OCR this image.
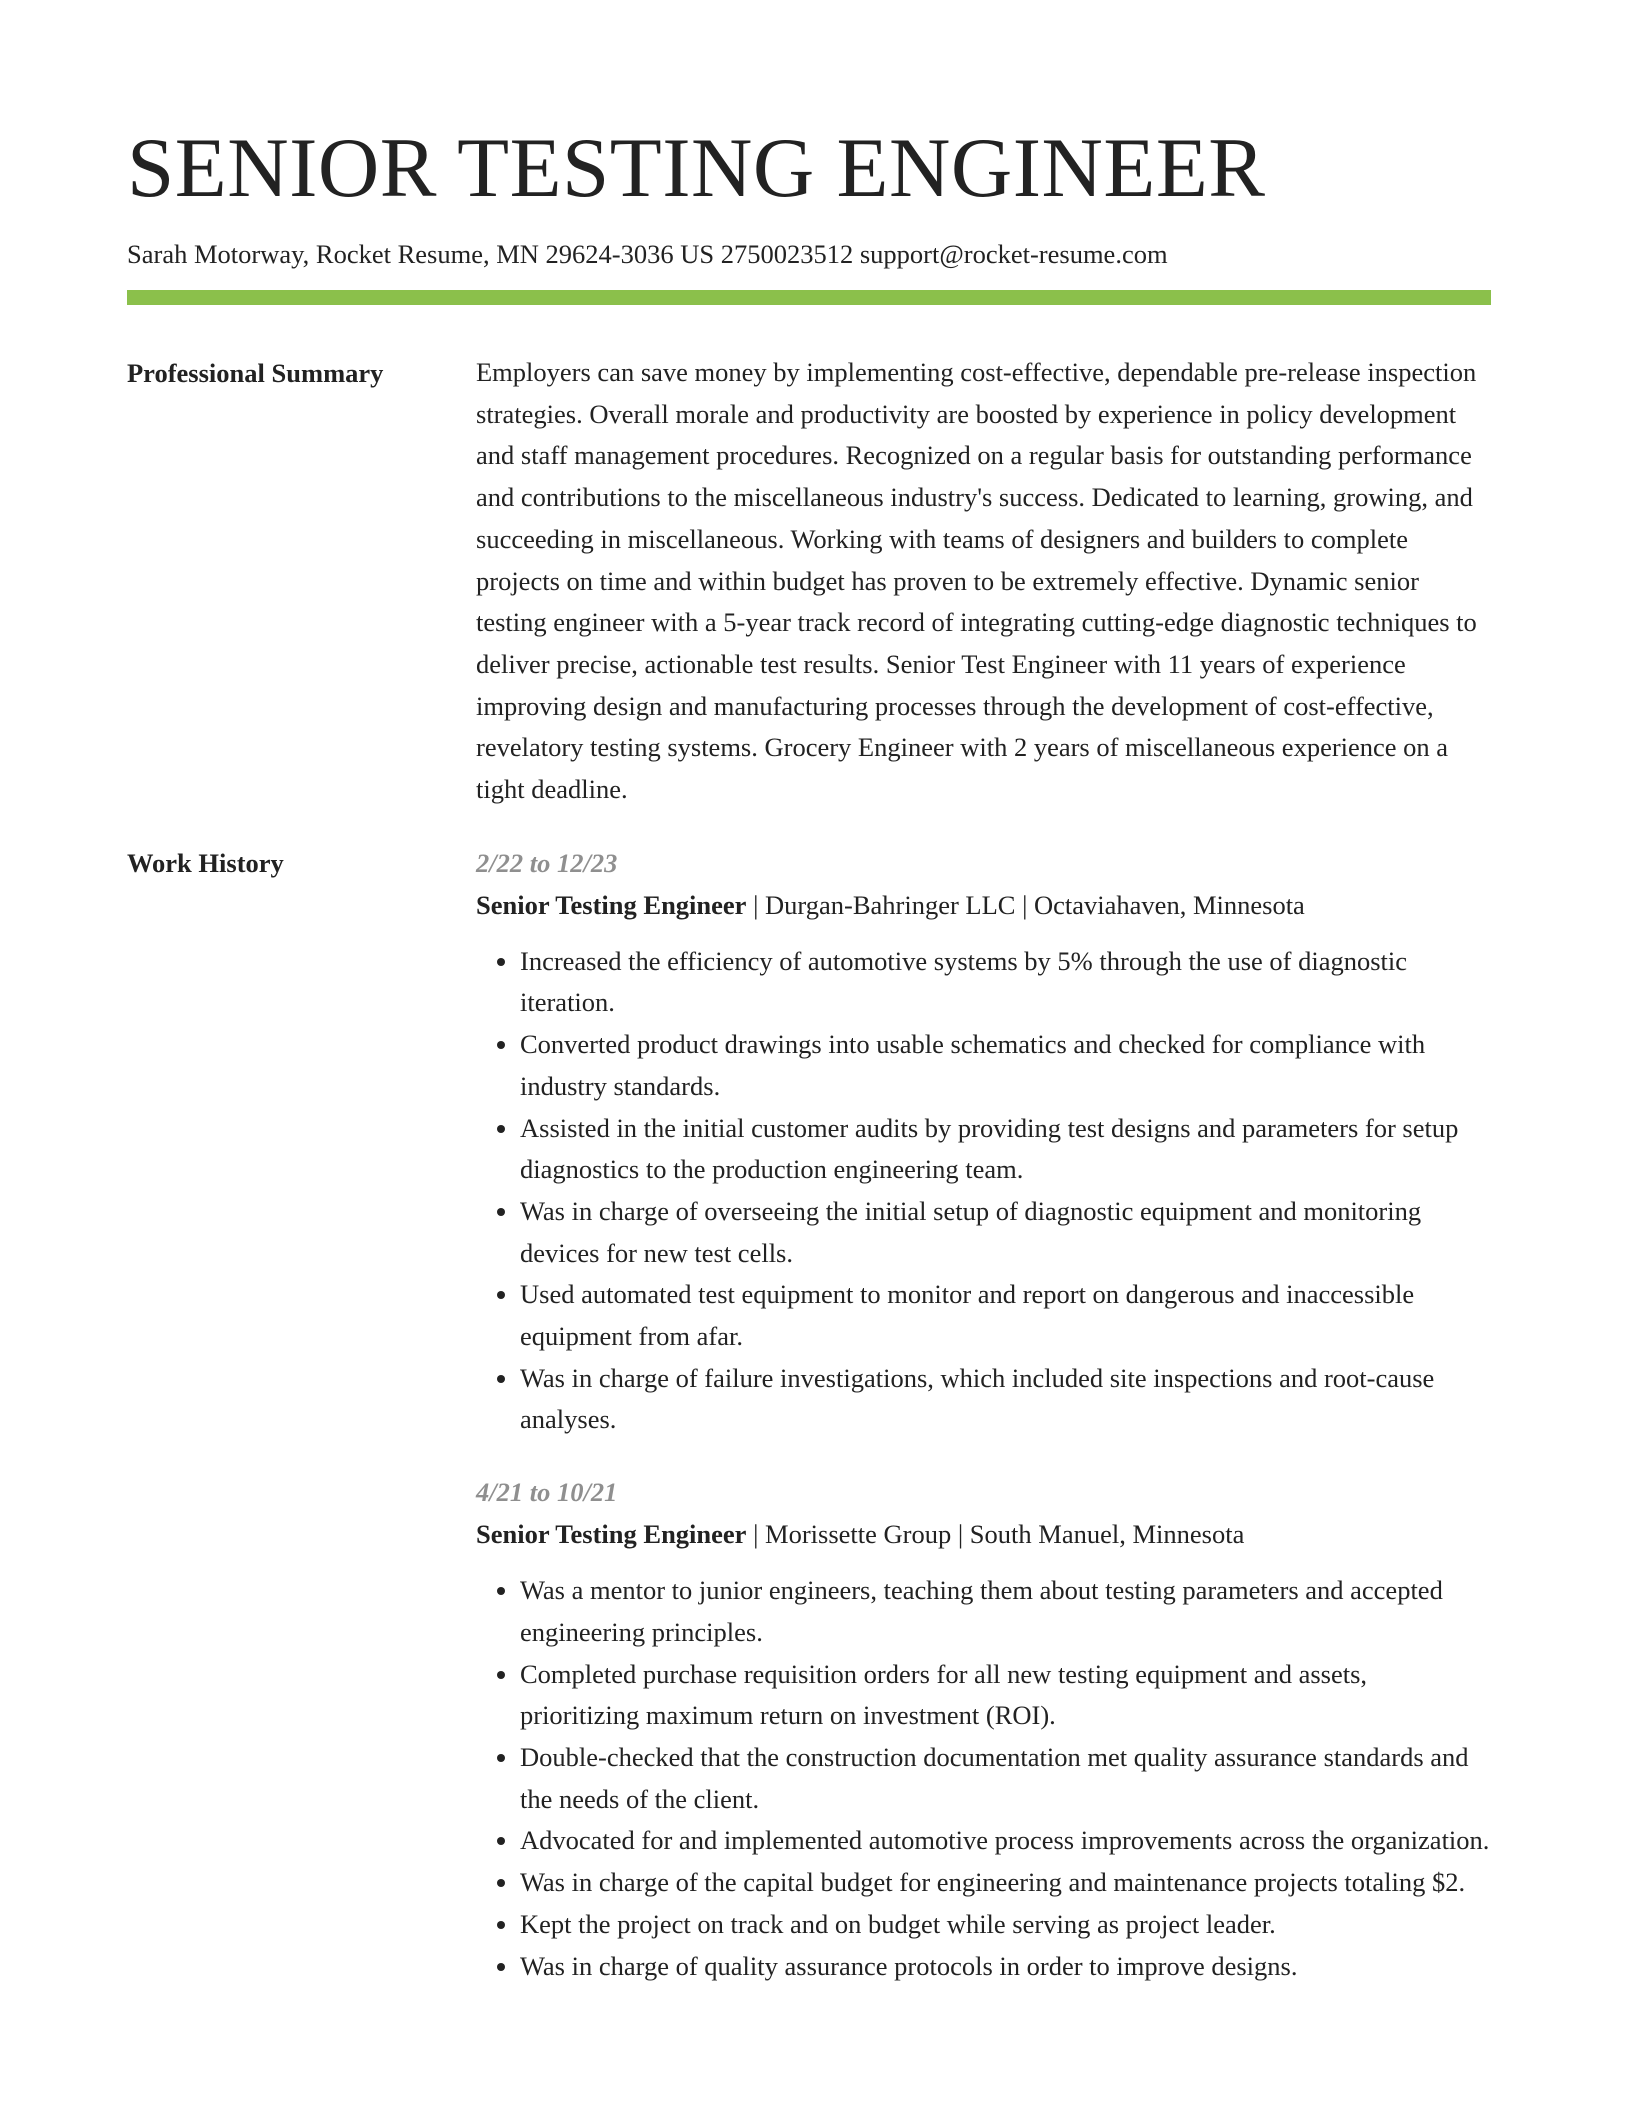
SENIOR TESTING ENGINEER
Sarah Motorway, Rocket Resume, MN 29624-3036 US 2750023512 support@rocket-resume.com
Professional Summary	Employers can save money by implementing cost-effective, dependable pre-release inspection strategies. Overall morale and productivity are boosted by experience in policy development and staff management procedures. Recognized on a regular basis for outstanding performance and contributions to the miscellaneous industry's success. Dedicated to learning, growing, and succeeding in miscellaneous. Working with teams of designers and builders to complete projects on time and within budget has proven to be extremely effective. Dynamic senior testing engineer with a 5-year track record of integrating cutting-edge diagnostic techniques to deliver precise, actionable test results. Senior Test Engineer with 11 years of experience improving design and manufacturing processes through the development of cost-effective, revelatory testing systems. Grocery Engineer with 2 years of miscellaneous experience on a tight deadline.
Work History	2/22 to 12/23
Senior Testing Engineer | Durgan-Bahringer LLC | Octaviahaven, Minnesota
• Increased the efficiency of automotive systems by 5% through the use of diagnostic iteration.
• Converted product drawings into usable schematics and checked for compliance with industry standards.
• Assisted in the initial customer audits by providing test designs and parameters for setup diagnostics to the production engineering team.
• Was in charge of overseeing the initial setup of diagnostic equipment and monitoring devices for new test cells.
• Used automated test equipment to monitor and report on dangerous and inaccessible equipment from afar.
• Was in charge of failure investigations, which included site inspections and root-cause analyses.
4/21 to 10/21
Senior Testing Engineer | Morissette Group | South Manuel, Minnesota
• Was a mentor to junior engineers, teaching them about testing parameters and accepted engineering principles.
• Completed purchase requisition orders for all new testing equipment and assets, prioritizing maximum return on investment (ROI).
• Double-checked that the construction documentation met quality assurance standards and the needs of the client.
• Advocated for and implemented automotive process improvements across the organization.
• Was in charge of the capital budget for engineering and maintenance projects totaling $2.
• Kept the project on track and on budget while serving as project leader.
• Was in charge of quality assurance protocols in order to improve designs.
